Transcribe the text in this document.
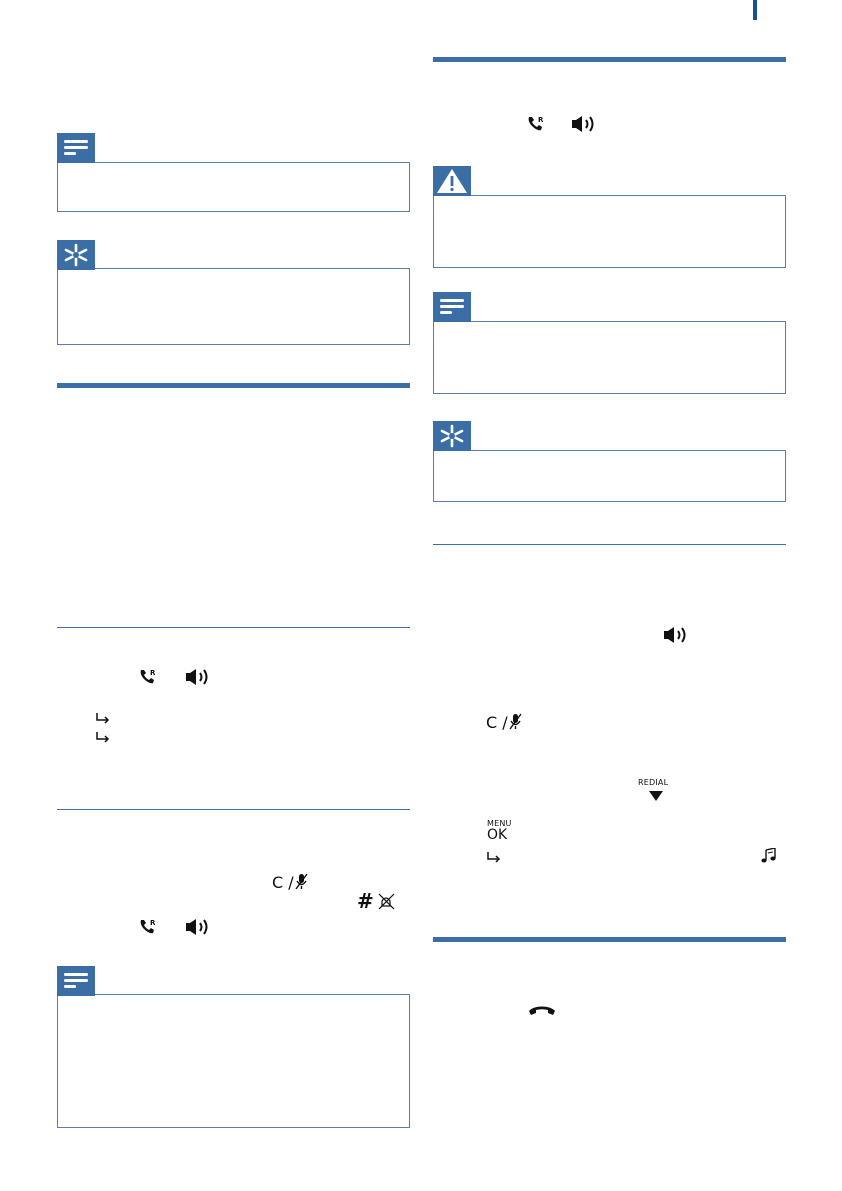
R
C /
#
R
R
C /
REDIAL
MENU
OK
